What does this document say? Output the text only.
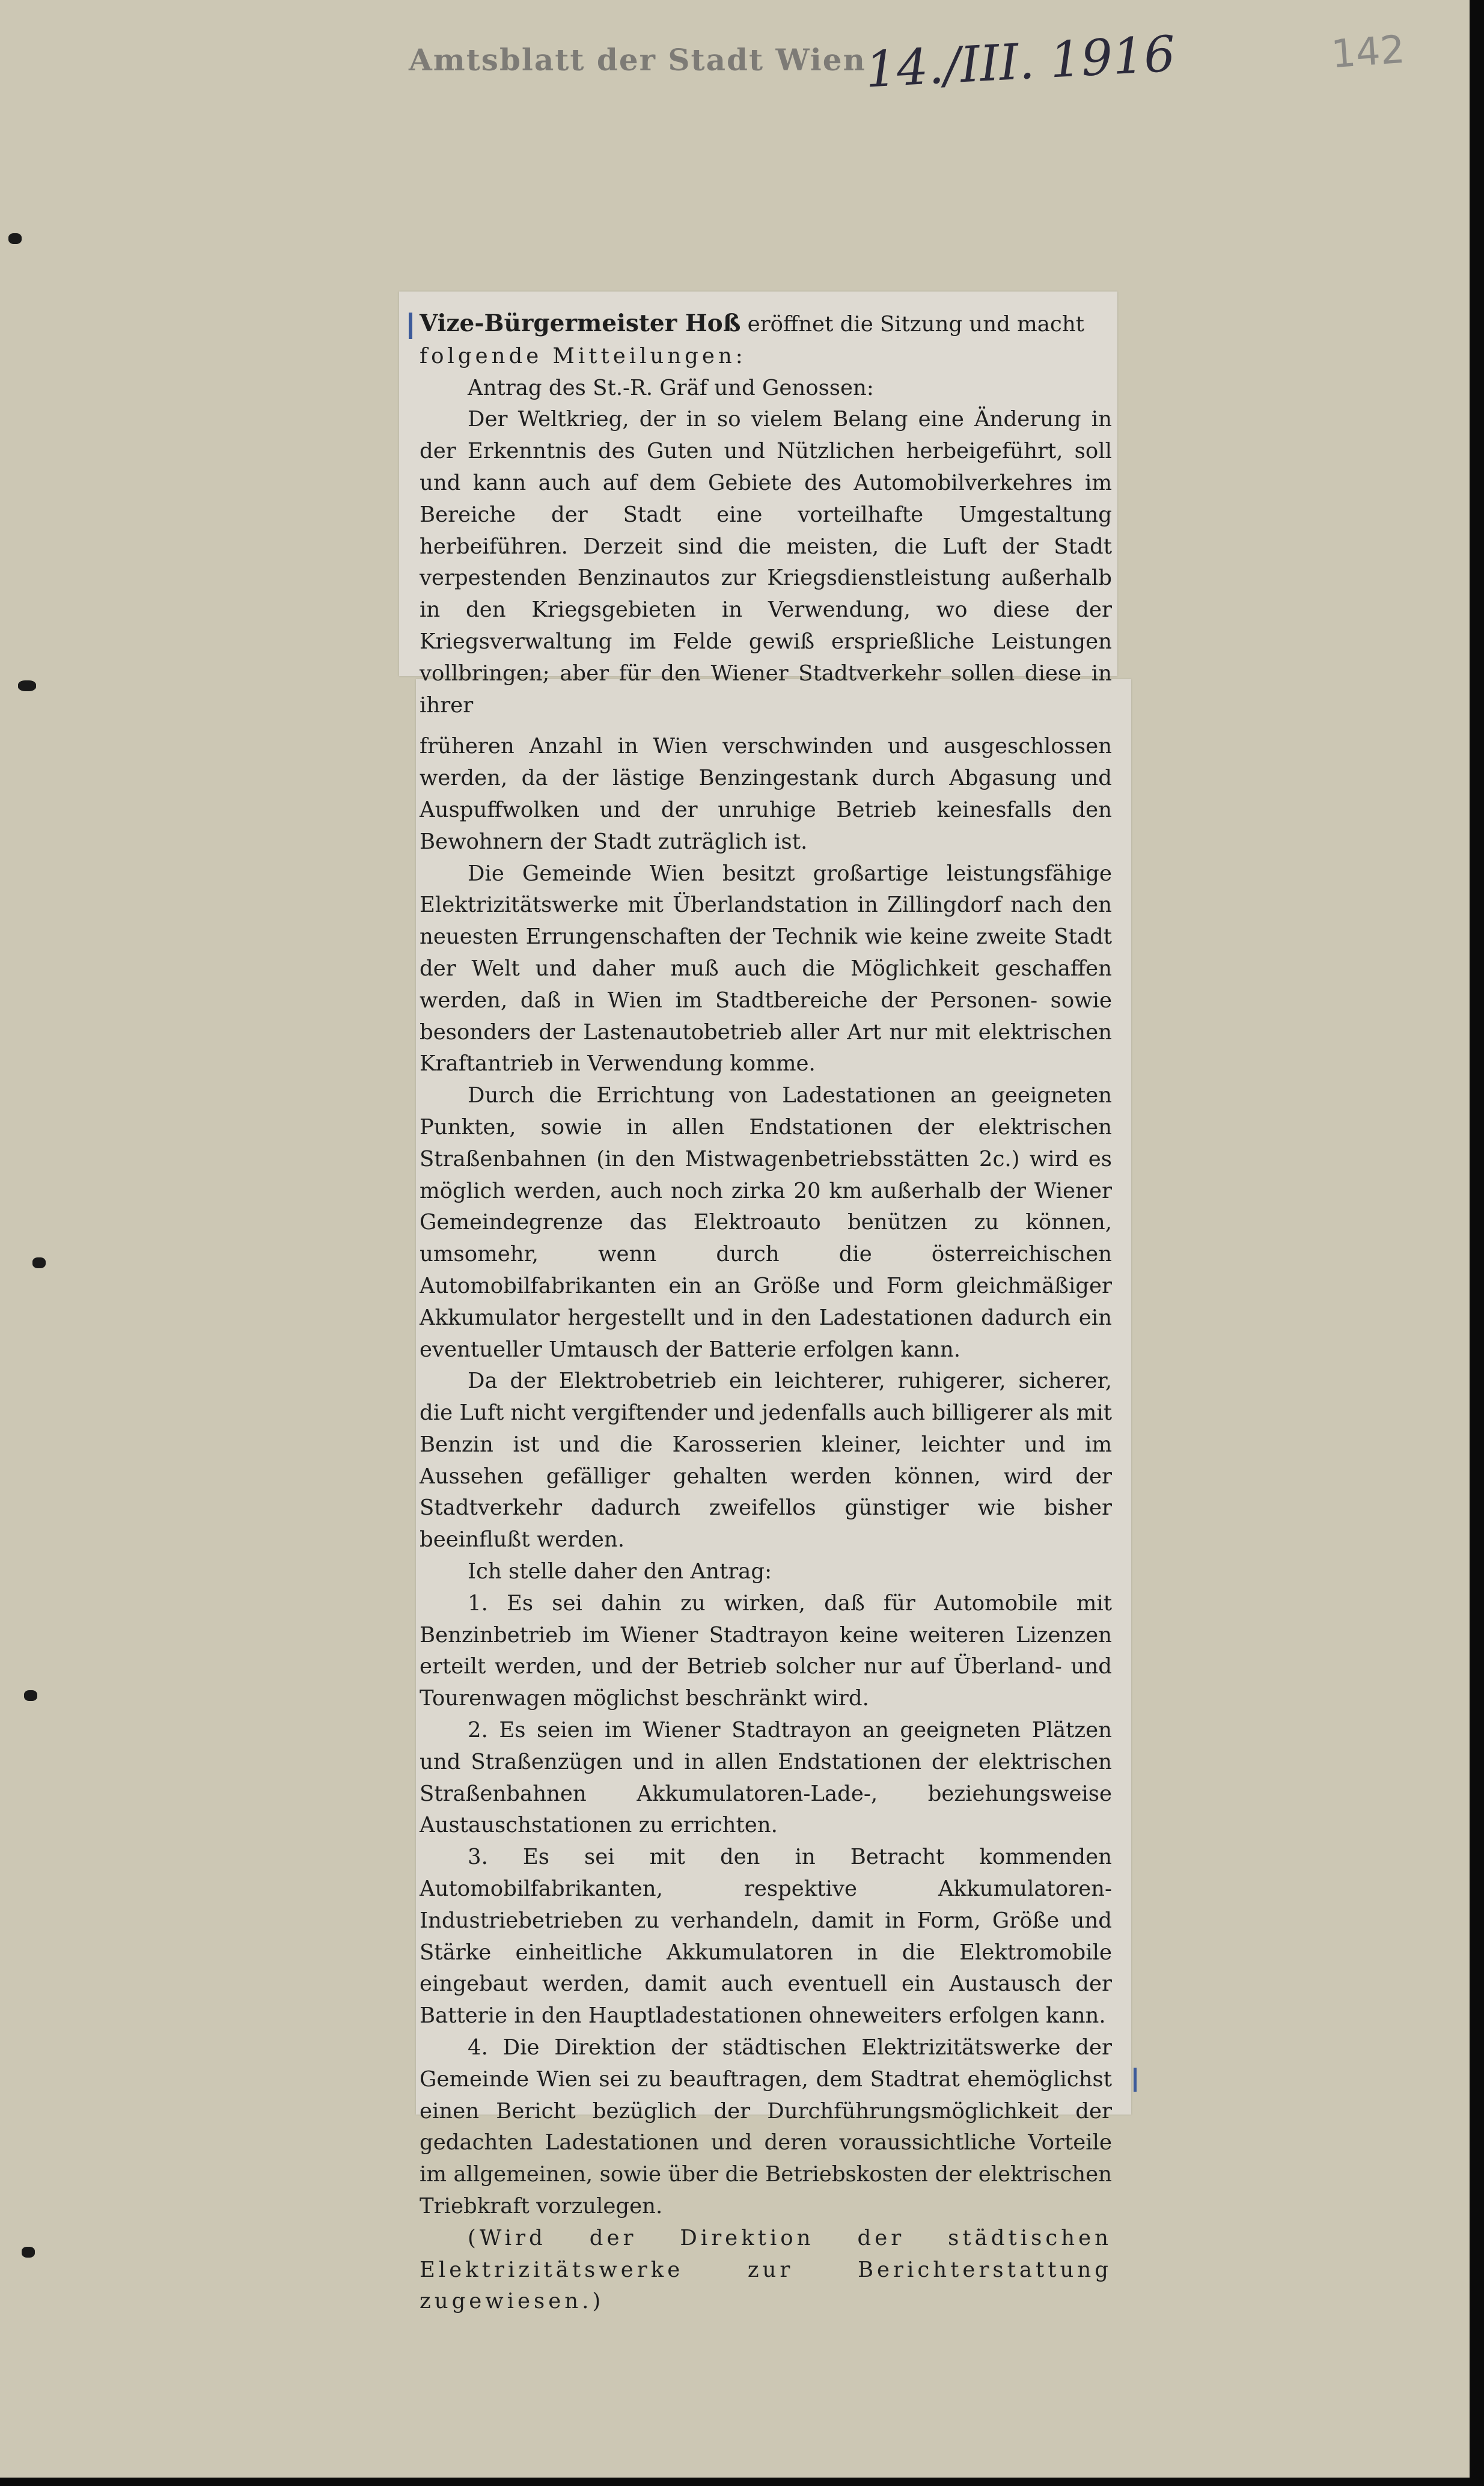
Amtsblatt der Stadt Wien
14./III. 1916	142

Vize-Bürgermeister Hoß eröffnet die Sitzung und macht

folgende Mitteilungen:

Antrag des St.-R. Gräf und Genossen:

Der Weltkrieg, der in so vielem Belang eine Änderung in der Erkenntnis des Guten und Nützlichen herbeigeführt, soll und kann auch auf dem Gebiete des Automobilverkehres im Bereiche der Stadt eine vorteilhafte Umgestaltung herbeiführen. Derzeit sind die meisten, die Luft der Stadt verpestenden Benzinautos zur Kriegsdienstleistung außerhalb in den Kriegsgebieten in Verwendung, wo diese der Kriegsverwaltung im Felde gewiß ersprießliche Leistungen vollbringen; aber für den Wiener Stadtverkehr sollen diese in ihrer

früheren Anzahl in Wien verschwinden und ausgeschlossen werden, da der lästige Benzingestank durch Abgasung und Auspuffwolken und der unruhige Betrieb keinesfalls den Bewohnern der Stadt zuträglich ist.

Die Gemeinde Wien besitzt großartige leistungsfähige Elektrizitätswerke mit Überlandstation in Zillingdorf nach den neuesten Errungenschaften der Technik wie keine zweite Stadt der Welt und daher muß auch die Möglichkeit geschaffen werden, daß in Wien im Stadtbereiche der Personen- sowie besonders der Lastenautobetrieb aller Art nur mit elektrischen Kraftantrieb in Verwendung komme.

Durch die Errichtung von Ladestationen an geeigneten Punkten, sowie in allen Endstationen der elektrischen Straßenbahnen (in den Mistwagenbetriebsstätten 2c.) wird es möglich werden, auch noch zirka 20 km außerhalb der Wiener Gemeindegrenze das Elektroauto benützen zu können, umsomehr, wenn durch die österreichischen Automobilfabrikanten ein an Größe und Form gleichmäßiger Akkumulator hergestellt und in den Ladestationen dadurch ein eventueller Umtausch der Batterie erfolgen kann.

Da der Elektrobetrieb ein leichterer, ruhigerer, sicherer, die Luft nicht vergiftender und jedenfalls auch billigerer als mit Benzin ist und die Karosserien kleiner, leichter und im Aussehen gefälliger gehalten werden können, wird der Stadtverkehr dadurch zweifellos günstiger wie bisher beeinflußt werden.

Ich stelle daher den Antrag:

1. Es sei dahin zu wirken, daß für Automobile mit Benzinbetrieb im Wiener Stadtrayon keine weiteren Lizenzen erteilt werden, und der Betrieb solcher nur auf Überland- und Tourenwagen möglichst beschränkt wird.

2. Es seien im Wiener Stadtrayon an geeigneten Plätzen und Straßenzügen und in allen Endstationen der elektrischen Straßenbahnen Akkumulatoren-Lade-, beziehungsweise Austauschstationen zu errichten.

3. Es sei mit den in Betracht kommenden Automobilfabrikanten, respektive Akkumulatoren-Industriebetrieben zu verhandeln, damit in Form, Größe und Stärke einheitliche Akkumulatoren in die Elektromobile eingebaut werden, damit auch eventuell ein Austausch der Batterie in den Hauptladestationen ohneweiters erfolgen kann.

4. Die Direktion der städtischen Elektrizitätswerke der Gemeinde Wien sei zu beauftragen, dem Stadtrat ehemöglichst einen Bericht bezüglich der Durchführungsmöglichkeit der gedachten Ladestationen und deren voraussichtliche Vorteile im allgemeinen, sowie über die Betriebskosten der elektrischen Triebkraft vorzulegen.

(Wird der Direktion der städtischen Elektrizitätswerke zur Berichterstattung zugewiesen.)
